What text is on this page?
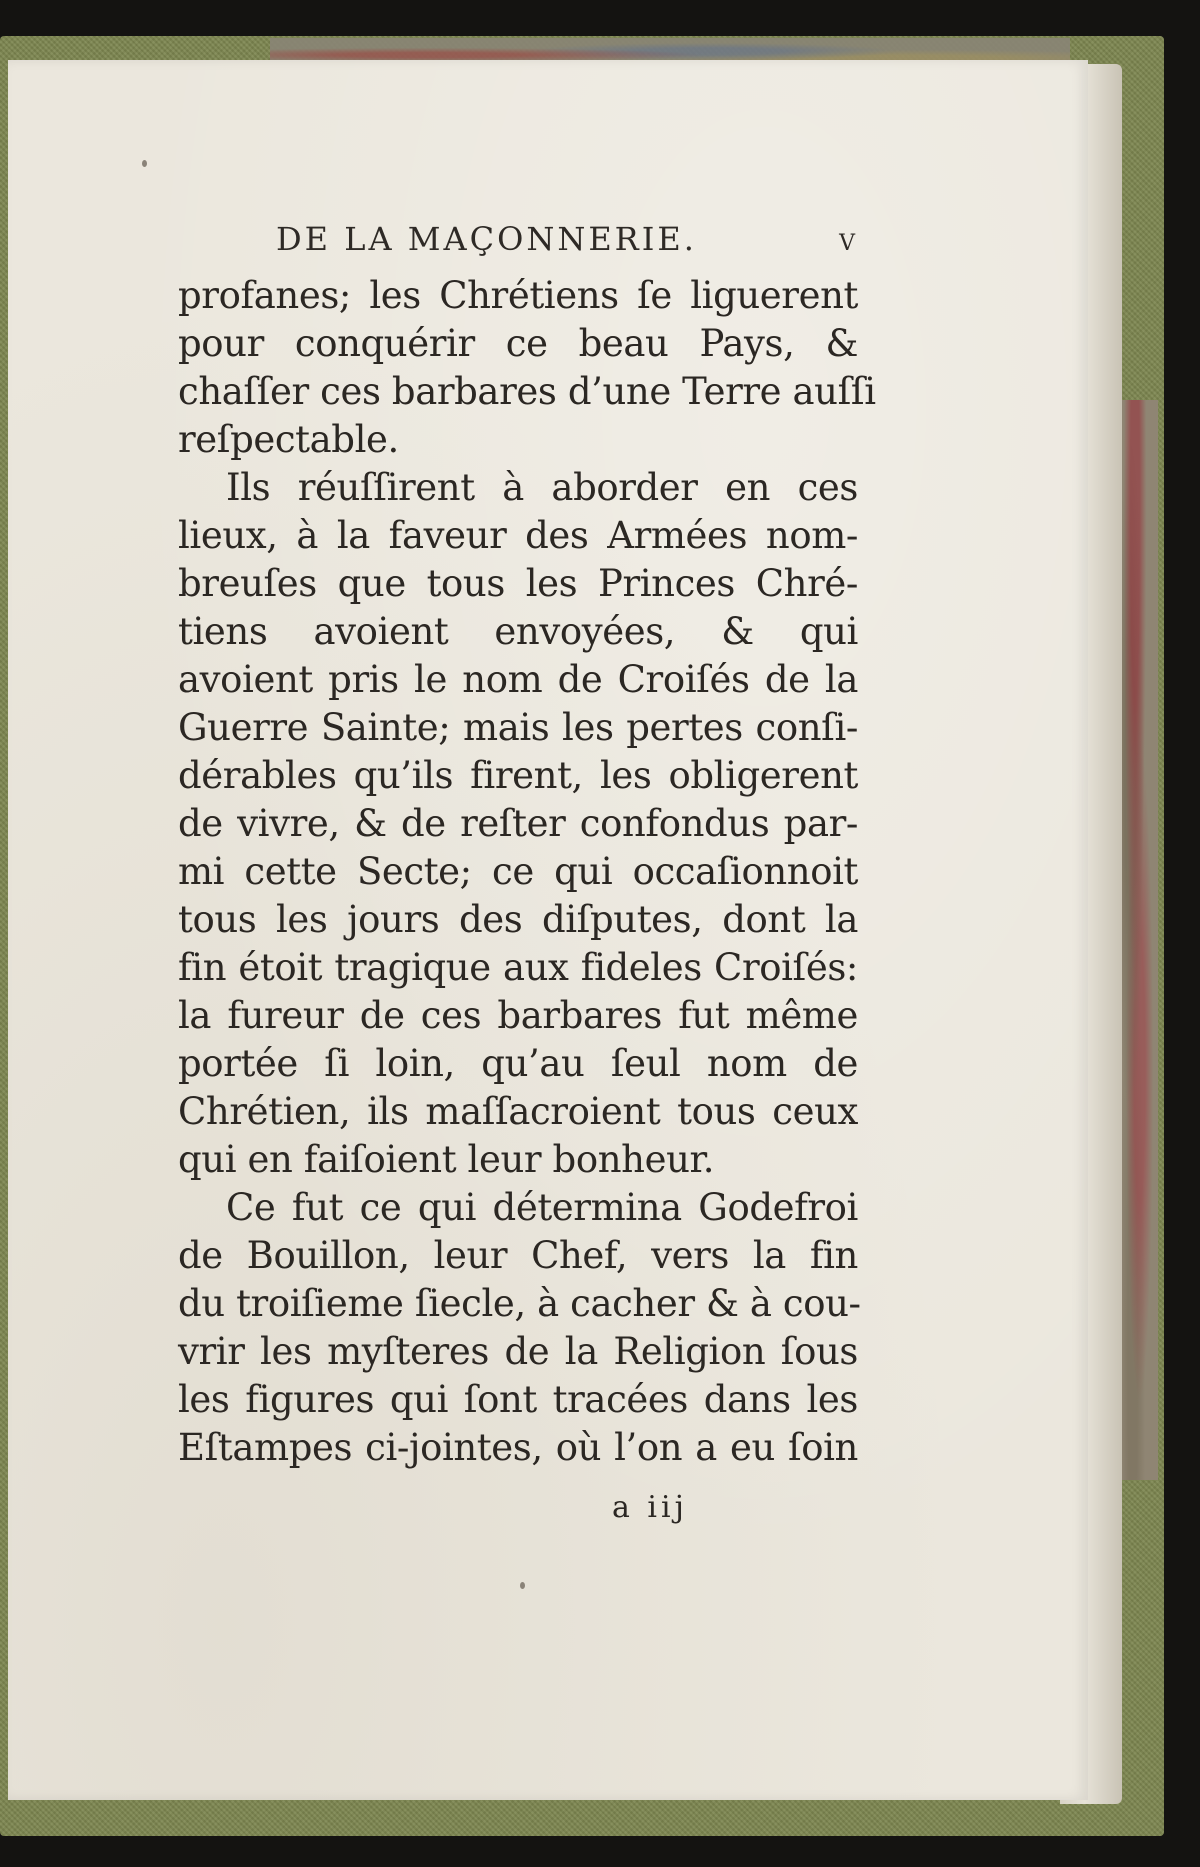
DE LA MAÇONNERIE.	v
profanes; les Chrétiens ſe liguerent
pour conquérir ce beau Pays, &
chaſſer ces barbares d’une Terre auſſi
reſpectable.
Ils réuſſirent à aborder en ces
lieux, à la faveur des Armées nom-
breuſes que tous les Princes Chré-
tiens avoient envoyées, & qui
avoient pris le nom de Croiſés de la
Guerre Sainte; mais les pertes conſi-
dérables qu’ils firent, les obligerent
de vivre, & de reſter confondus par-
mi cette Secte; ce qui occaſionnoit
tous les jours des diſputes, dont la
fin étoit tragique aux fideles Croiſés:
la fureur de ces barbares fut même
portée ſi loin, qu’au ſeul nom de
Chrétien, ils maſſacroient tous ceux
qui en faiſoient leur bonheur.
Ce fut ce qui détermina Godefroi
de Bouillon, leur Chef, vers la fin
du troiſieme ſiecle, à cacher & à cou-
vrir les myſteres de la Religion ſous
les figures qui ſont tracées dans les
Eſtampes ci-jointes, où l’on a eu ſoin
a iij
